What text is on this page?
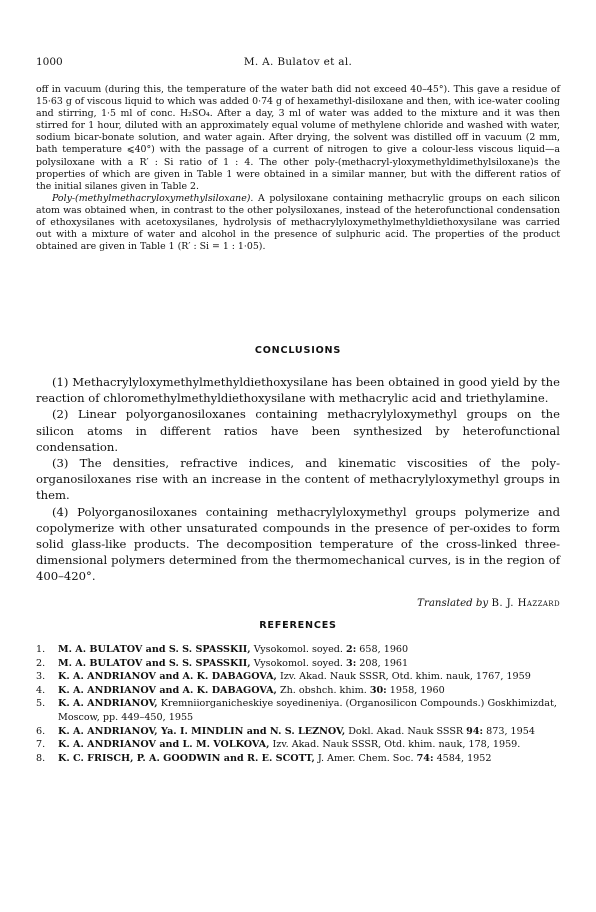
1000	M. A. Bulatov et al.

off in vacuum (during this, the temperature of the water bath did not exceed 40–45°). This gave a residue of 15·63 g of viscous liquid to which was added 0·74 g of hexamethyl-disiloxane and then, with ice-water cooling and stirring, 1·5 ml of conc. H₂SO₄. After a day, 3 ml of water was added to the mixture and it was then stirred for 1 hour, diluted with an approximately equal volume of methylene chloride and washed with water, sodium bicar-bonate solution, and water again. After drying, the solvent was distilled off in vacuum (2 mm, bath temperature ⩽40°) with the passage of a current of nitrogen to give a colour-less viscous liquid—a polysiloxane with a R′ : Si ratio of 1 : 4. The other poly-(methacryl-yloxymethyldimethylsiloxane)s the properties of which are given in Table 1 were obtained in a similar manner, but with the different ratios of the initial silanes given in Table 2.

Poly-(methylmethacryloxymethylsiloxane). A polysiloxane containing methacrylic groups on each silicon atom was obtained when, in contrast to the other polysiloxanes, instead of the heterofunctional condensation of ethoxysilanes with acetoxysilanes, hydrolysis of methacrylyloxymethylmethyldiethoxysilane was carried out with a mixture of water and alcohol in the presence of sulphuric acid. The properties of the product obtained are given in Table 1 (R′ : Si = 1 : 1·05).

CONCLUSIONS

(1) Methacrylyloxymethylmethyldiethoxysilane has been obtained in good yield by the reaction of chloromethylmethyldiethoxysilane with methacrylic acid and triethylamine.

(2) Linear polyorganosiloxanes containing methacrylyloxymethyl groups on the silicon atoms in different ratios have been synthesized by heterofunctional condensation.

(3) The densities, refractive indices, and kinematic viscosities of the poly-organosiloxanes rise with an increase in the content of methacrylyloxymethyl groups in them.

(4) Polyorganosiloxanes containing methacrylyloxymethyl groups polymerize and copolymerize with other unsaturated compounds in the presence of per-oxides to form solid glass-like products. The decomposition temperature of the cross-linked three-dimensional polymers determined from the thermomechanical curves, is in the region of 400–420°.

Translated by B. J. Hazzard
REFERENCES
1.	M. A. BULATOV and S. S. SPASSKII, Vysokomol. soyed. 2: 658, 1960
2.	M. A. BULATOV and S. S. SPASSKII, Vysokomol. soyed. 3: 208, 1961
3.	K. A. ANDRIANOV and A. K. DABAGOVA, Izv. Akad. Nauk SSSR, Otd. khim. nauk, 1767, 1959
4.	K. A. ANDRIANOV and A. K. DABAGOVA, Zh. obshch. khim. 30: 1958, 1960
5.	K. A. ANDRIANOV, Kremniiorganicheskiye soyedineniya. (Organosilicon Compounds.) Goskhimizdat, Moscow, pp. 449–450, 1955
6.	K. A. ANDRIANOV, Ya. I. MINDLIN and N. S. LEZNOV, Dokl. Akad. Nauk SSSR 94: 873, 1954
7.	K. A. ANDRIANOV and L. M. VOLKOVA, Izv. Akad. Nauk SSSR, Otd. khim. nauk, 178, 1959.
8.	K. C. FRISCH, P. A. GOODWIN and R. E. SCOTT, J. Amer. Chem. Soc. 74: 4584, 1952
